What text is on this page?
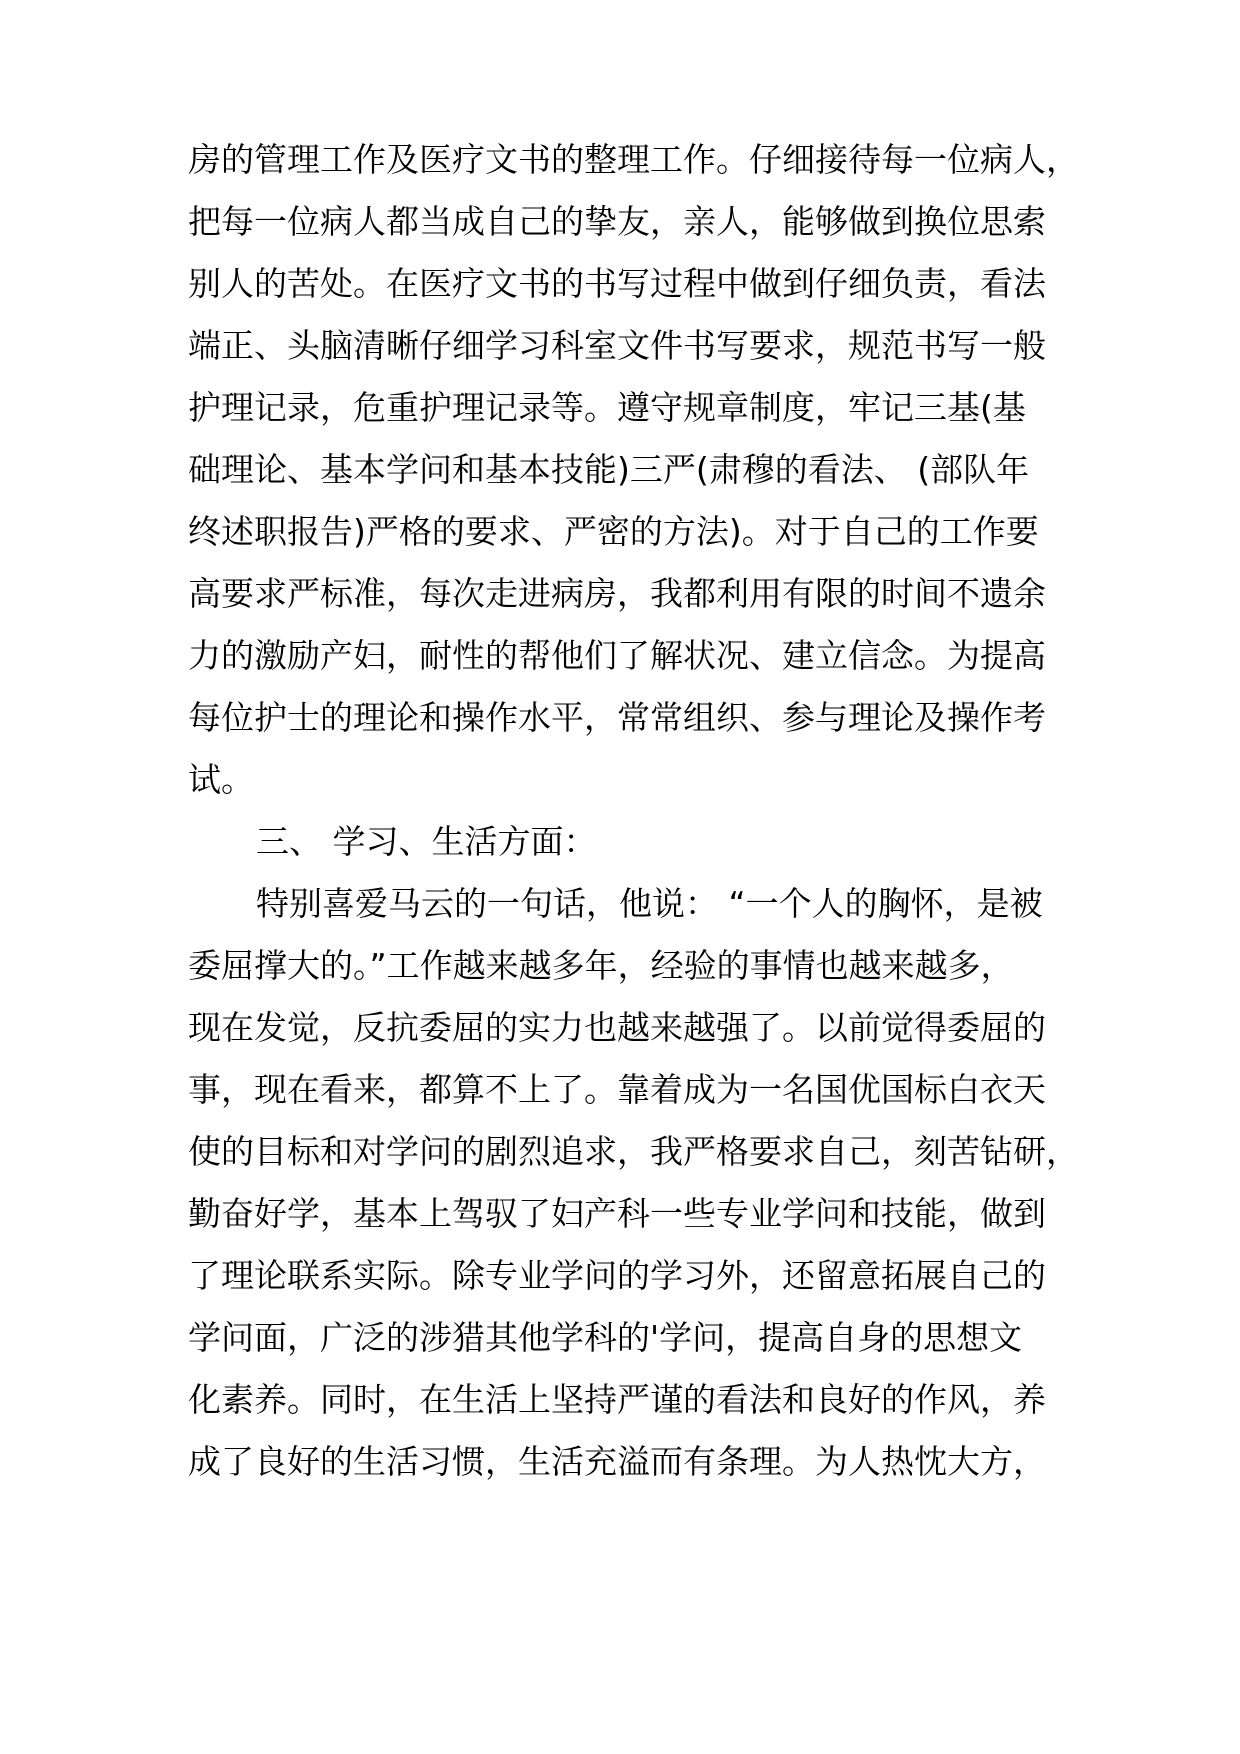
房的管理工作及医疗文书的整理工作。仔细接待每一位病人，
把每一位病人都当成自己的挚友，亲人，能够做到换位思索
别人的苦处。在医疗文书的书写过程中做到仔细负责，看法
端正、头脑清晰仔细学习科室文件书写要求，规范书写一般
护理记录，危重护理记录等。遵守规章制度，牢记三基(基
础理论、基本学问和基本技能)三严(肃穆的看法、 (部队年
终述职报告)严格的要求、严密的方法)。对于自己的工作要
高要求严标准，每次走进病房，我都利用有限的时间不遗余
力的激励产妇，耐性的帮他们了解状况、建立信念。为提高
每位护士的理论和操作水平，常常组织、参与理论及操作考
试。
三、 学习、生活方面：
特别喜爱马云的一句话，他说： “一个人的胸怀，是被
委屈撑大的。”工作越来越多年，经验的事情也越来越多，
现在发觉，反抗委屈的实力也越来越强了。以前觉得委屈的
事，现在看来，都算不上了。靠着成为一名国优国标白衣天
使的目标和对学问的剧烈追求，我严格要求自己，刻苦钻研，
勤奋好学，基本上驾驭了妇产科一些专业学问和技能，做到
了理论联系实际。除专业学问的学习外，还留意拓展自己的
学问面，广泛的涉猎其他学科的'学问，提高自身的思想文
化素养。同时，在生活上坚持严谨的看法和良好的作风，养
成了良好的生活习惯，生活充溢而有条理。为人热忱大方，
